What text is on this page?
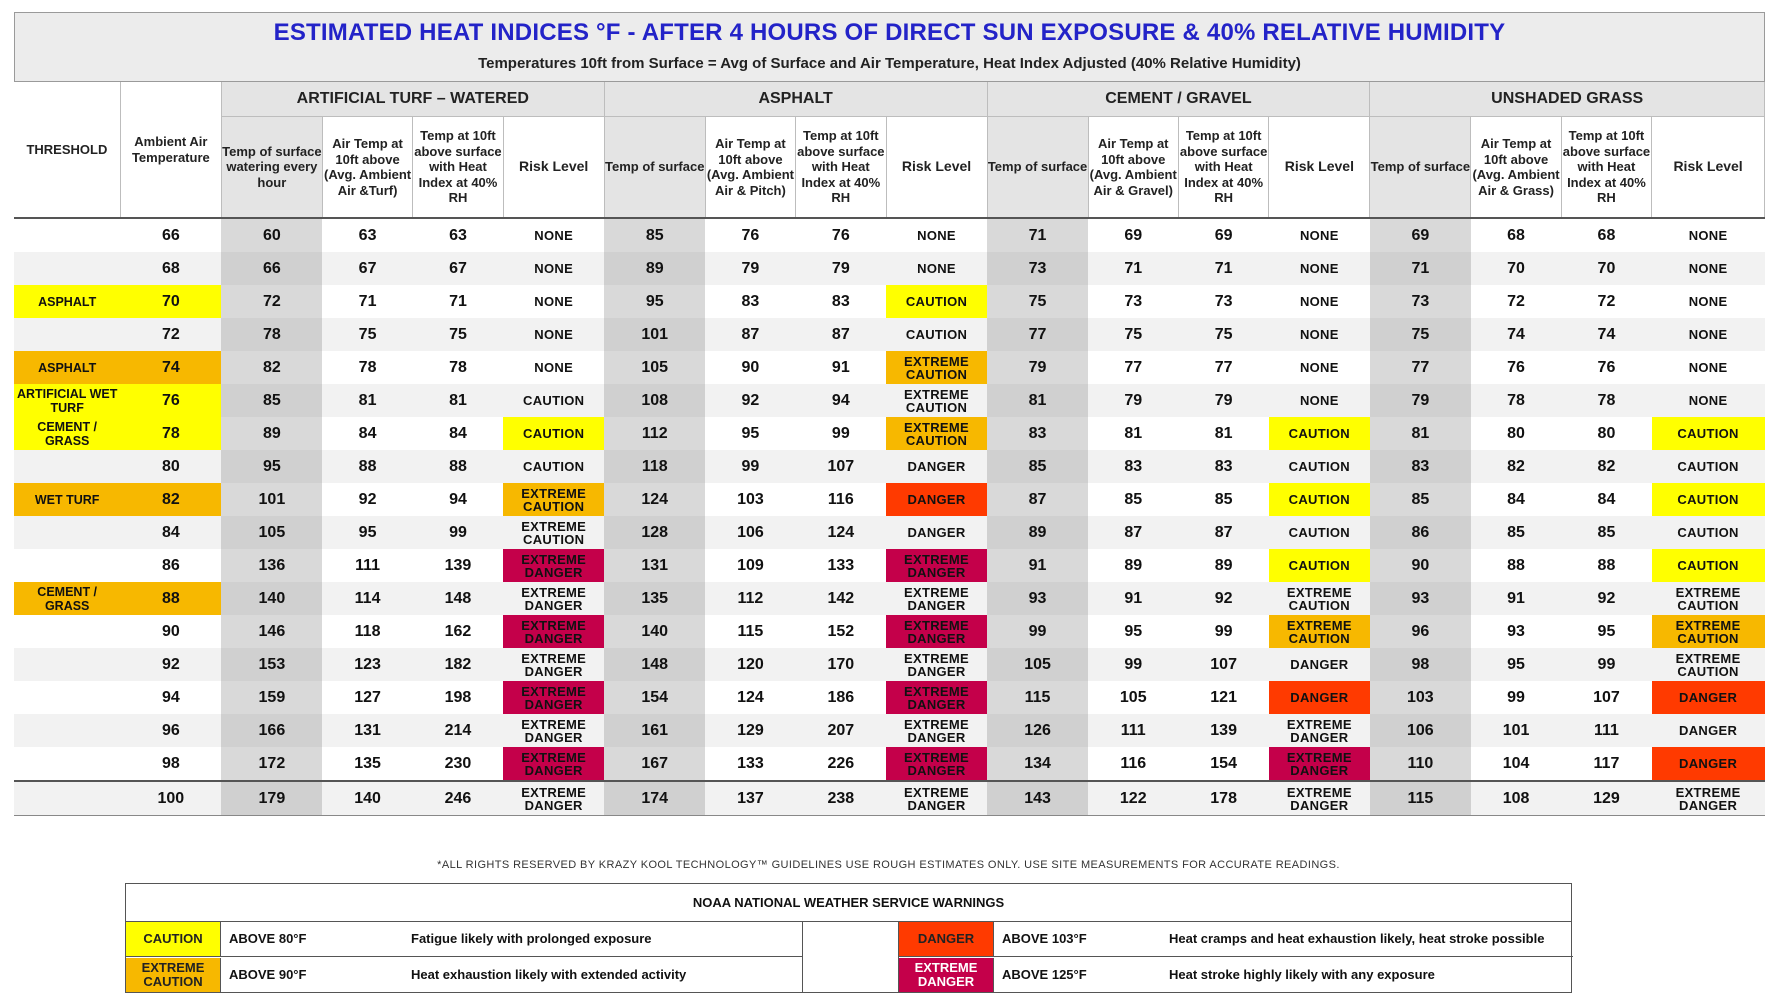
ESTIMATED HEAT INDICES °F - AFTER 4 HOURS OF DIRECT SUN EXPOSURE & 40% RELATIVE HUMIDITY
Temperatures 10ft from Surface = Avg of Surface and Air Temperature, Heat Index Adjusted (40% Relative Humidity)
THRESHOLD	Ambient Air Temperature	ARTIFICIAL TURF – WATERED				ASPHALT				CEMENT / GRAVEL				UNSHADED GRASS			
		Temp of surface watering every hour	Air Temp at 10ft above (Avg. Ambient Air &Turf)	Temp at 10ft above surface with Heat Index at 40% RH	Risk Level	Temp of surface	Air Temp at 10ft above (Avg. Ambient Air & Pitch)	Temp at 10ft above surface with Heat Index at 40% RH	Risk Level	Temp of surface	Air Temp at 10ft above (Avg. Ambient Air & Gravel)	Temp at 10ft above surface with Heat Index at 40% RH	Risk Level	Temp of surface	Air Temp at 10ft above (Avg. Ambient Air & Grass)	Temp at 10ft above surface with Heat Index at 40% RH	Risk Level
	66	60	63	63	NONE	85	76	76	NONE	71	69	69	NONE	69	68	68	NONE
	68	66	67	67	NONE	89	79	79	NONE	73	71	71	NONE	71	70	70	NONE
ASPHALT	70	72	71	71	NONE	95	83	83	CAUTION	75	73	73	NONE	73	72	72	NONE
	72	78	75	75	NONE	101	87	87	CAUTION	77	75	75	NONE	75	74	74	NONE
ASPHALT	74	82	78	78	NONE	105	90	91	EXTREME CAUTION	79	77	77	NONE	77	76	76	NONE
ARTIFICIAL WET TURF	76	85	81	81	CAUTION	108	92	94	EXTREME CAUTION	81	79	79	NONE	79	78	78	NONE
CEMENT / GRASS	78	89	84	84	CAUTION	112	95	99	EXTREME CAUTION	83	81	81	CAUTION	81	80	80	CAUTION
	80	95	88	88	CAUTION	118	99	107	DANGER	85	83	83	CAUTION	83	82	82	CAUTION
WET TURF	82	101	92	94	EXTREME CAUTION	124	103	116	DANGER	87	85	85	CAUTION	85	84	84	CAUTION
	84	105	95	99	EXTREME CAUTION	128	106	124	DANGER	89	87	87	CAUTION	86	85	85	CAUTION
	86	136	111	139	EXTREME DANGER	131	109	133	EXTREME DANGER	91	89	89	CAUTION	90	88	88	CAUTION
CEMENT / GRASS	88	140	114	148	EXTREME DANGER	135	112	142	EXTREME DANGER	93	91	92	EXTREME CAUTION	93	91	92	EXTREME CAUTION
	90	146	118	162	EXTREME DANGER	140	115	152	EXTREME DANGER	99	95	99	EXTREME CAUTION	96	93	95	EXTREME CAUTION
	92	153	123	182	EXTREME DANGER	148	120	170	EXTREME DANGER	105	99	107	DANGER	98	95	99	EXTREME CAUTION
	94	159	127	198	EXTREME DANGER	154	124	186	EXTREME DANGER	115	105	121	DANGER	103	99	107	DANGER
	96	166	131	214	EXTREME DANGER	161	129	207	EXTREME DANGER	126	111	139	EXTREME DANGER	106	101	111	DANGER
	98	172	135	230	EXTREME DANGER	167	133	226	EXTREME DANGER	134	116	154	EXTREME DANGER	110	104	117	DANGER
	100	179	140	246	EXTREME DANGER	174	137	238	EXTREME DANGER	143	122	178	EXTREME DANGER	115	108	129	EXTREME DANGER
*ALL RIGHTS RESERVED BY KRAZY KOOL TECHNOLOGY™ GUIDELINES USE ROUGH ESTIMATES ONLY. USE SITE MEASUREMENTS FOR ACCURATE READINGS.
NOAA NATIONAL WEATHER SERVICE WARNINGS
CAUTION	ABOVE 80°F	Fatigue likely with prolonged exposure
EXTREME CAUTION	ABOVE 90°F	Heat exhaustion likely with extended activity
DANGER	ABOVE 103°F	Heat cramps and heat exhaustion likely, heat stroke possible
EXTREME DANGER	ABOVE 125°F	Heat stroke highly likely with any exposure
